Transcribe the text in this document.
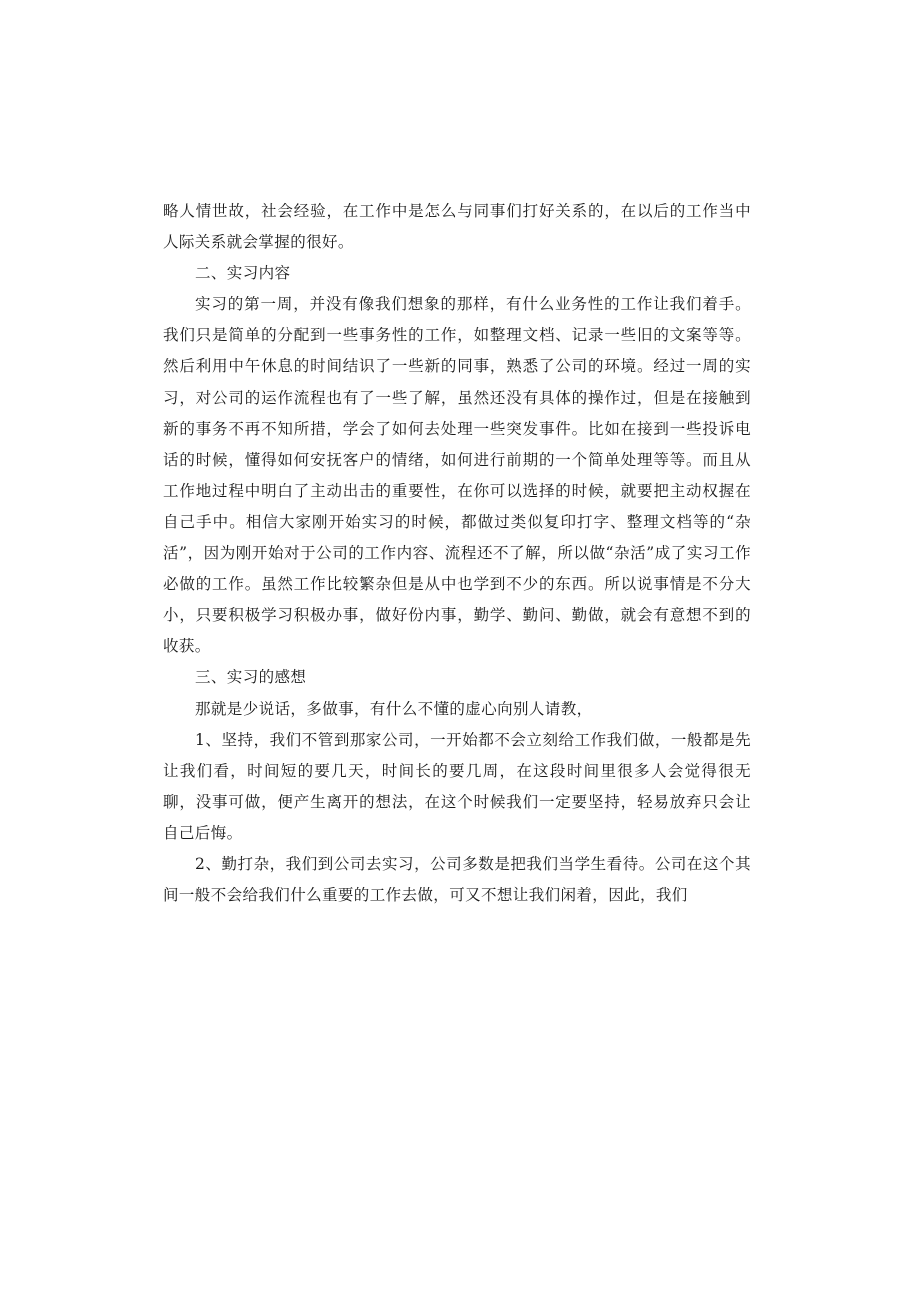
略人情世故，社会经验，在工作中是怎么与同事们打好关系的，在以后的工作当中人际关系就会掌握的很好。

二、实习内容

实习的第一周，并没有像我们想象的那样，有什么业务性的工作让我们着手。我们只是简单的分配到一些事务性的工作，如整理文档、记录一些旧的文案等等。然后利用中午休息的时间结识了一些新的同事，熟悉了公司的环境。经过一周的实习，对公司的运作流程也有了一些了解，虽然还没有具体的操作过，但是在接触到新的事务不再不知所措，学会了如何去处理一些突发事件。比如在接到一些投诉电话的时候，懂得如何安抚客户的情绪，如何进行前期的一个简单处理等等。而且从工作地过程中明白了主动出击的重要性，在你可以选择的时候，就要把主动权握在自己手中。相信大家刚开始实习的时候，都做过类似复印打字、整理文档等的“杂活”，因为刚开始对于公司的工作内容、流程还不了解，所以做“杂活”成了实习工作必做的工作。虽然工作比较繁杂但是从中也学到不少的东西。所以说事情是不分大小，只要积极学习积极办事，做好份内事，勤学、勤问、勤做，就会有意想不到的收获。

三、实习的感想

那就是少说话，多做事，有什么不懂的虚心向别人请教，

1、坚持，我们不管到那家公司，一开始都不会立刻给工作我们做，一般都是先让我们看，时间短的要几天，时间长的要几周，在这段时间里很多人会觉得很无聊，没事可做，便产生离开的想法，在这个时候我们一定要坚持，轻易放弃只会让自己后悔。

2、勤打杂，我们到公司去实习，公司多数是把我们当学生看待。公司在这个其间一般不会给我们什么重要的工作去做，可又不想让我们闲着，因此，我们
